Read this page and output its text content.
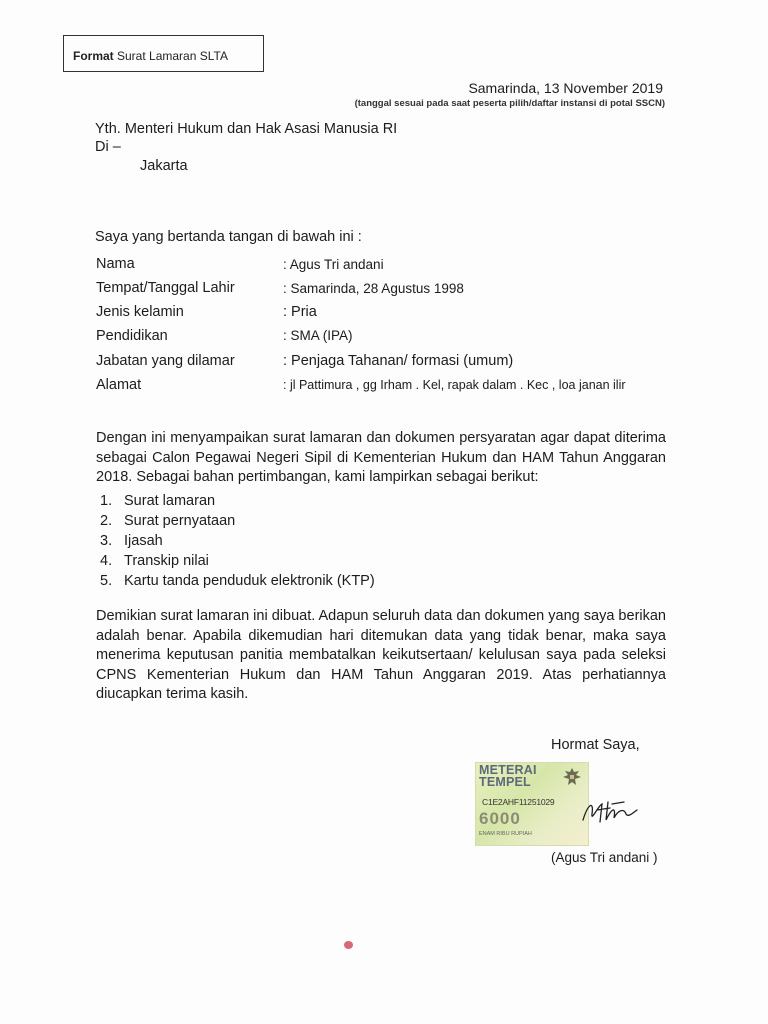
Format Surat Lamaran SLTA
Samarinda, 13 November 2019
(tanggal sesuai pada saat peserta pilih/daftar instansi di potal SSCN)
Yth. Menteri Hukum dan Hak Asasi Manusia RI
Di –
Jakarta
Saya yang bertanda tangan di bawah ini :
Nama	: Agus Tri andani
Tempat/Tanggal Lahir	: Samarinda, 28 Agustus 1998
Jenis kelamin	: Pria
Pendidikan	: SMA (IPA)
Jabatan yang dilamar	: Penjaga Tahanan/ formasi (umum)
Alamat	: jl Pattimura , gg Irham . Kel, rapak dalam . Kec , loa janan ilir
Dengan ini menyampaikan surat lamaran dan dokumen persyaratan agar dapat diterima sebagai Calon Pegawai Negeri Sipil di Kementerian Hukum dan HAM Tahun Anggaran 2018. Sebagai bahan pertimbangan, kami lampirkan sebagai berikut:
1. Surat lamaran
2. Surat pernyataan
3. Ijasah
4. Transkip nilai
5. Kartu tanda penduduk elektronik (KTP)
Demikian surat lamaran ini dibuat. Adapun seluruh data dan dokumen yang saya berikan adalah benar. Apabila dikemudian hari ditemukan data yang tidak benar, maka saya menerima keputusan panitia membatalkan keikutsertaan/ kelulusan saya pada seleksi CPNS Kementerian Hukum dan HAM Tahun Anggaran 2019. Atas perhatiannya diucapkan terima kasih.
Hormat Saya,
METERAI
TEMPEL
C1E2AHF11251029
6000
ENAM RIBU RUPIAH
(Agus Tri andani )
